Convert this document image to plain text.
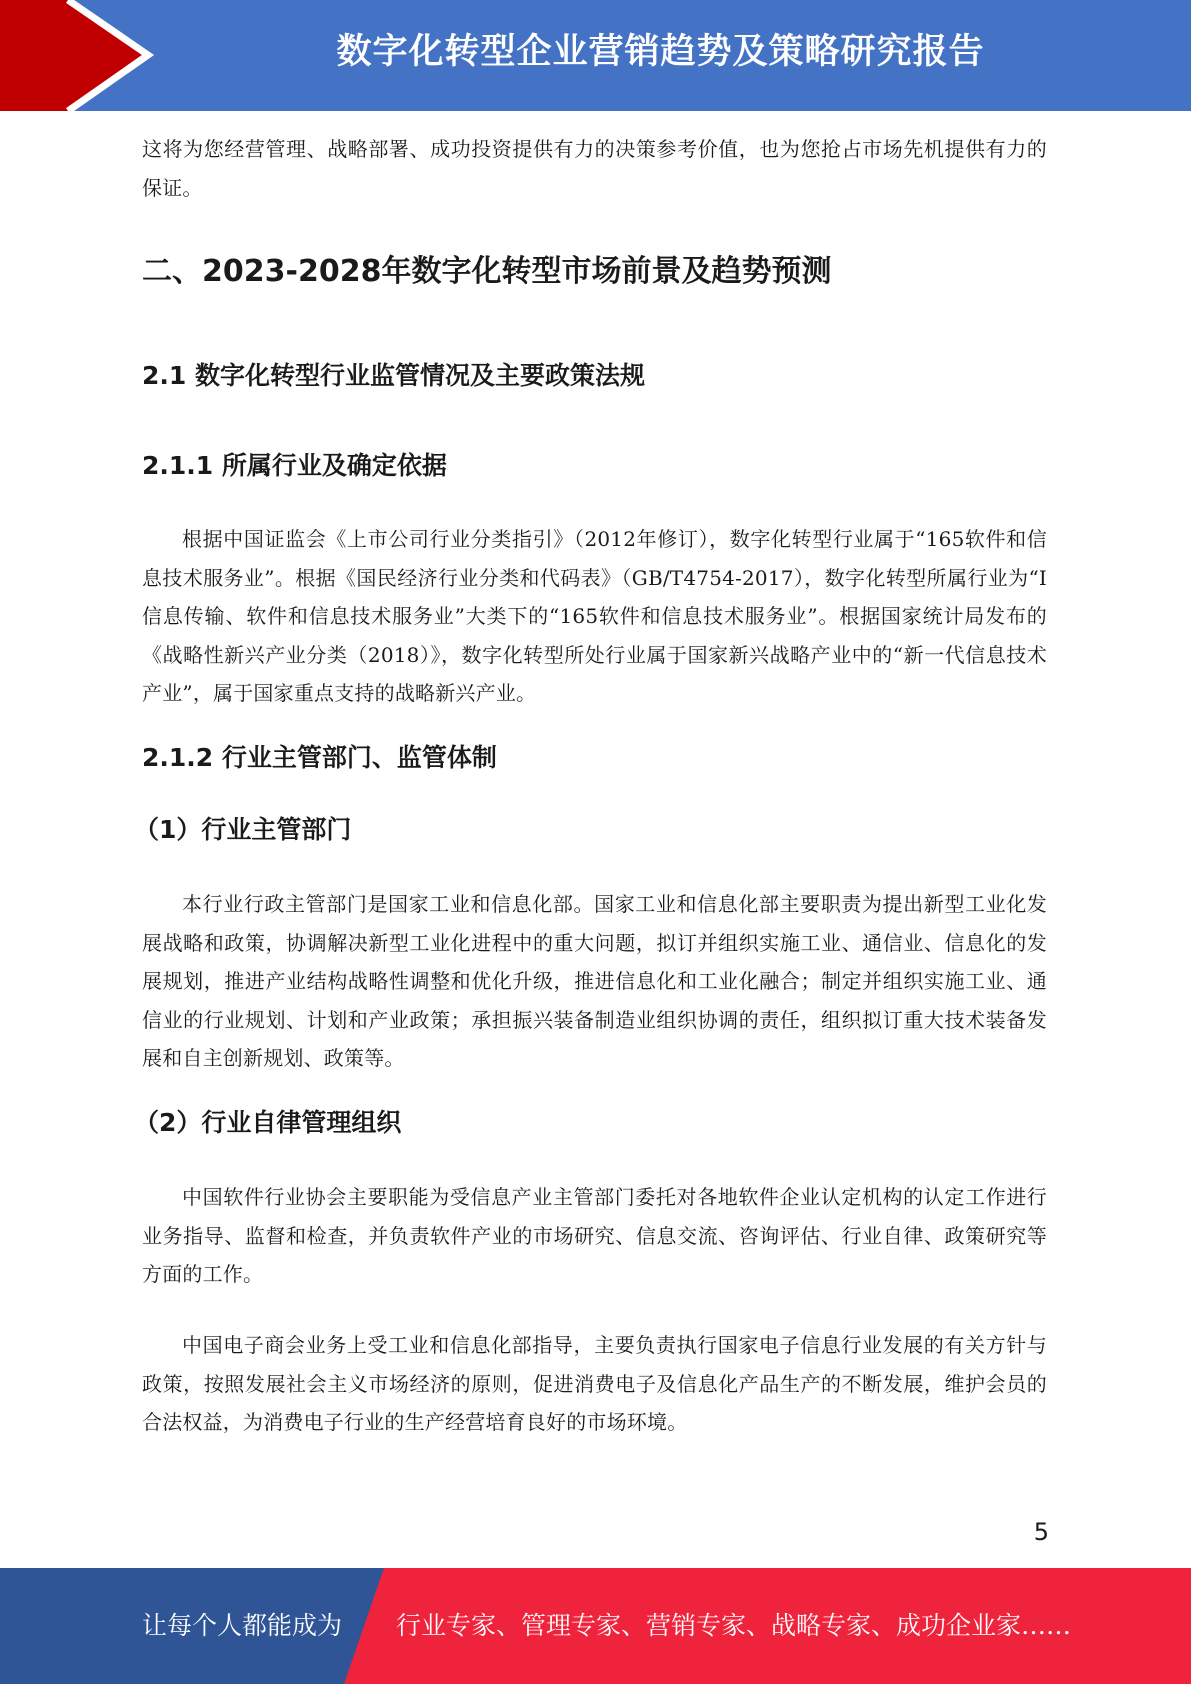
数字化转型企业营销趋势及策略研究报告

这将为您经营管理、战略部署、成功投资提供有力的决策参考价值，也为您抢占市场先机提供有力的保证。

二、2023-2028年数字化转型市场前景及趋势预测
2.1 数字化转型行业监管情况及主要政策法规
2.1.1 所属行业及确定依据

根据中国证监会《上市公司行业分类指引》（2012年修订），数字化转型行业属于“165软件和信息技术服务业”。根据《国民经济行业分类和代码表》（GB/T4754-2017），数字化转型所属行业为“I信息传输、软件和信息技术服务业”大类下的“165软件和信息技术服务业”。根据国家统计局发布的《战略性新兴产业分类（2018）》，数字化转型所处行业属于国家新兴战略产业中的“新一代信息技术产业”，属于国家重点支持的战略新兴产业。

2.1.2 行业主管部门、监管体制
（1）行业主管部门

本行业行政主管部门是国家工业和信息化部。国家工业和信息化部主要职责为提出新型工业化发展战略和政策，协调解决新型工业化进程中的重大问题，拟订并组织实施工业、通信业、信息化的发展规划，推进产业结构战略性调整和优化升级，推进信息化和工业化融合；制定并组织实施工业、通信业的行业规划、计划和产业政策；承担振兴装备制造业组织协调的责任，组织拟订重大技术装备发展和自主创新规划、政策等。

（2）行业自律管理组织

中国软件行业协会主要职能为受信息产业主管部门委托对各地软件企业认定机构的认定工作进行业务指导、监督和检查，并负责软件产业的市场研究、信息交流、咨询评估、行业自律、政策研究等方面的工作。

中国电子商会业务上受工业和信息化部指导，主要负责执行国家电子信息行业发展的有关方针与政策，按照发展社会主义市场经济的原则，促进消费电子及信息化产品生产的不断发展，维护会员的合法权益，为消费电子行业的生产经营培育良好的市场环境。

5
让每个人都能成为 行业专家、管理专家、营销专家、战略专家、成功企业家……
